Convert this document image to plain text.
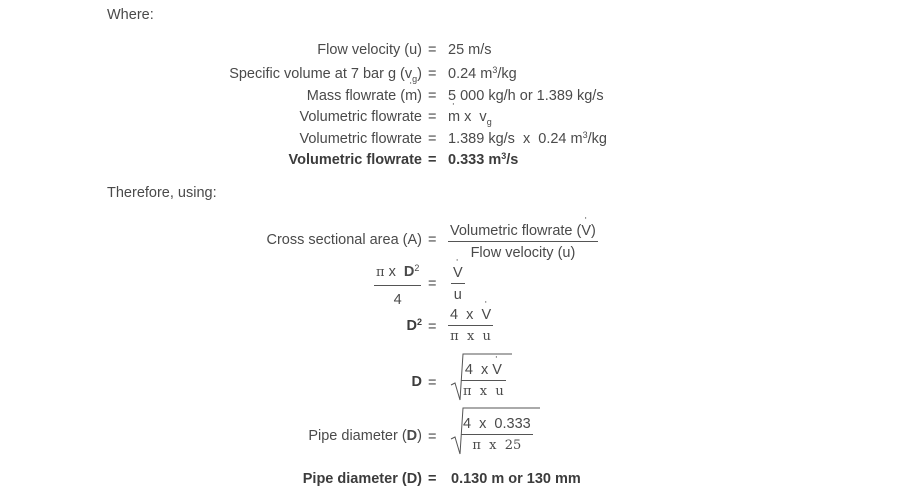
Where:
Flow velocity (u) = 25 m/s
Specific volume at 7 bar g $(v_g) = 0.24$ $m^3/kg$
Mass flowrate (˙ m) = 5 000 kg/h or 1.389 kg/s
Volumetric flowrate =
˙ m x  $v_g$
Volumetric flowrate = 1.389 kg/s  x  0.24 $m^3/kg$
Volumetric flowrate = 0.333 $m^3/s$
Therefore, using:
Cross sectional area (A) =
Volumetric flowrate (˙ V)
Flow velocity (u)
π x $D^2$
4
=
˙ V
u
$D^2$ =
4  x  ˙ V
π  x  u
D =
4  x ˙ V
π  x  u
Pipe diameter (D) =
4  x  0.333
π  x  25
Pipe diameter (D) = 0.130 m or 130 mm
